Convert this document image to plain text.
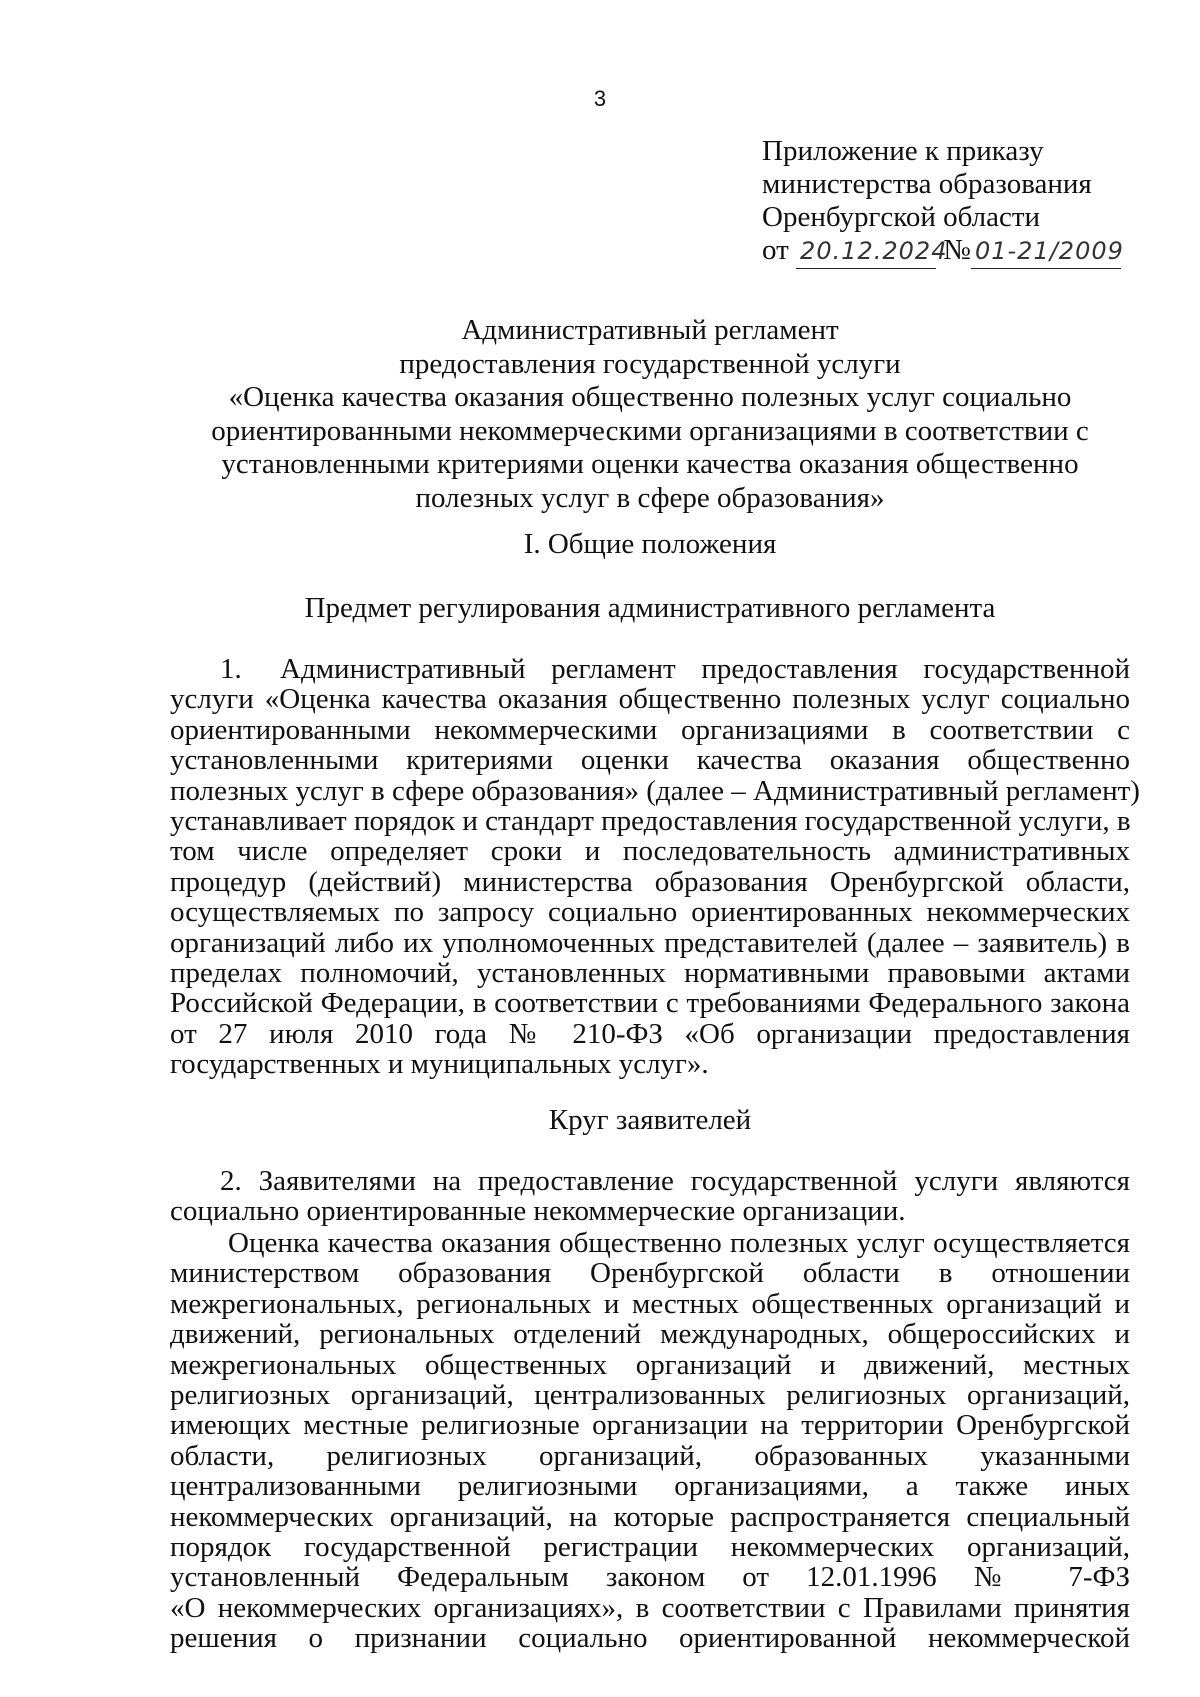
3
Приложение к приказу
министерства образования
Оренбургской области
от 20.12.2024 № 01-21/2009
Административный регламент
предоставления государственной услуги
«Оценка качества оказания общественно полезных услуг социально
ориентированными некоммерческими организациями в соответствии с
установленными критериями оценки качества оказания общественно
полезных услуг в сфере образования»
I. Общие положения
Предмет регулирования административного регламента
1. Административный регламент предоставления государственной
услуги «Оценка качества оказания общественно полезных услуг социально
ориентированными некоммерческими организациями в соответствии с
установленными критериями оценки качества оказания общественно
полезных услуг в сфере образования» (далее – Административный регламент)
устанавливает порядок и стандарт предоставления государственной услуги, в
том числе определяет сроки и последовательность административных
процедур (действий) министерства образования Оренбургской области,
осуществляемых по запросу социально ориентированных некоммерческих
организаций либо их уполномоченных представителей (далее – заявитель) в
пределах полномочий, установленных нормативными правовыми актами
Российской Федерации, в соответствии с требованиями Федерального закона
от 27 июля 2010 года № 210-ФЗ «Об организации предоставления
государственных и муниципальных услуг».
Круг заявителей
2. Заявителями на предоставление государственной услуги являются
социально ориентированные некоммерческие организации.
Оценка качества оказания общественно полезных услуг осуществляется
министерством образования Оренбургской области в отношении
межрегиональных, региональных и местных общественных организаций и
движений, региональных отделений международных, общероссийских и
межрегиональных общественных организаций и движений, местных
религиозных организаций, централизованных религиозных организаций,
имеющих местные религиозные организации на территории Оренбургской
области, религиозных организаций, образованных указанными
централизованными религиозными организациями, а также иных
некоммерческих организаций, на которые распространяется специальный
порядок государственной регистрации некоммерческих организаций,
установленный Федеральным законом от 12.01.1996 № 7-ФЗ
«О некоммерческих организациях», в соответствии с Правилами принятия
решения о признании социально ориентированной некоммерческой
